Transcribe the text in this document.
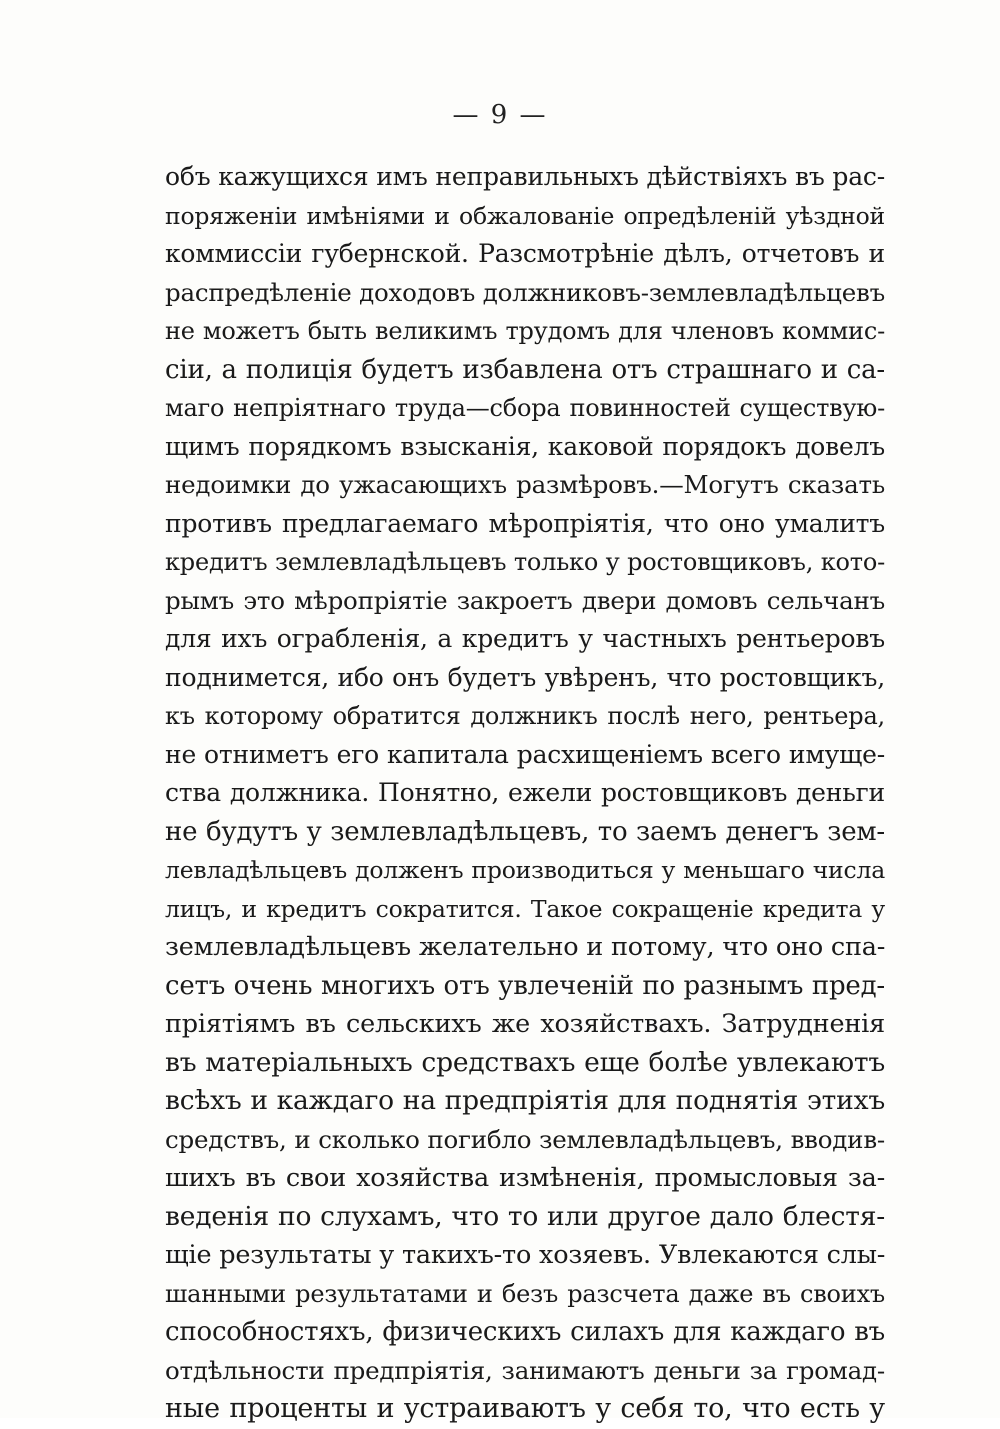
— 9 —
объ кажущихся имъ неправильныхъ дѣйствіяхъ въ рас-
поряженіи имѣніями и обжалованіе опредѣленій уѣздной
коммиссіи губернской. Разсмотрѣніе дѣлъ, отчетовъ и
распредѣленіе доходовъ должниковъ-землевладѣльцевъ
не можетъ быть великимъ трудомъ для членовъ коммис-
сіи, а полиція будетъ избавлена отъ страшнаго и са-
маго непріятнаго труда—сбора повинностей существую-
щимъ порядкомъ взысканія, каковой порядокъ довелъ
недоимки до ужасающихъ размѣровъ.—Могутъ сказать
противъ предлагаемаго мѣропріятія, что оно умалитъ
кредитъ землевладѣльцевъ только у ростовщиковъ, кото-
рымъ это мѣропріятіе закроетъ двери домовъ сельчанъ
для ихъ ограбленія, а кредитъ у частныхъ рентьеровъ
поднимется, ибо онъ будетъ увѣренъ, что ростовщикъ,
къ которому обратится должникъ послѣ него, рентьера,
не отниметъ его капитала расхищеніемъ всего имуще-
ства должника. Понятно, ежели ростовщиковъ деньги
не будутъ у землевладѣльцевъ, то заемъ денегъ зем-
левладѣльцевъ долженъ производиться у меньшаго числа
лицъ, и кредитъ сократится. Такое сокращеніе кредита у
землевладѣльцевъ желательно и потому, что оно спа-
сетъ очень многихъ отъ увлеченій по разнымъ пред-
пріятіямъ въ сельскихъ же хозяйствахъ. Затрудненія
въ матеріальныхъ средствахъ еще болѣе увлекаютъ
всѣхъ и каждаго на предпріятія для поднятія этихъ
средствъ, и сколько погибло землевладѣльцевъ, вводив-
шихъ въ свои хозяйства измѣненія, промысловыя за-
веденія по слухамъ, что то или другое дало блестя-
щіе результаты у такихъ-то хозяевъ. Увлекаются слы-
шанными результатами и безъ разсчета даже въ своихъ
способностяхъ, физическихъ силахъ для каждаго въ
отдѣльности предпріятія, занимаютъ деньги за громад-
ные проценты и устраиваютъ у себя то, что есть у
